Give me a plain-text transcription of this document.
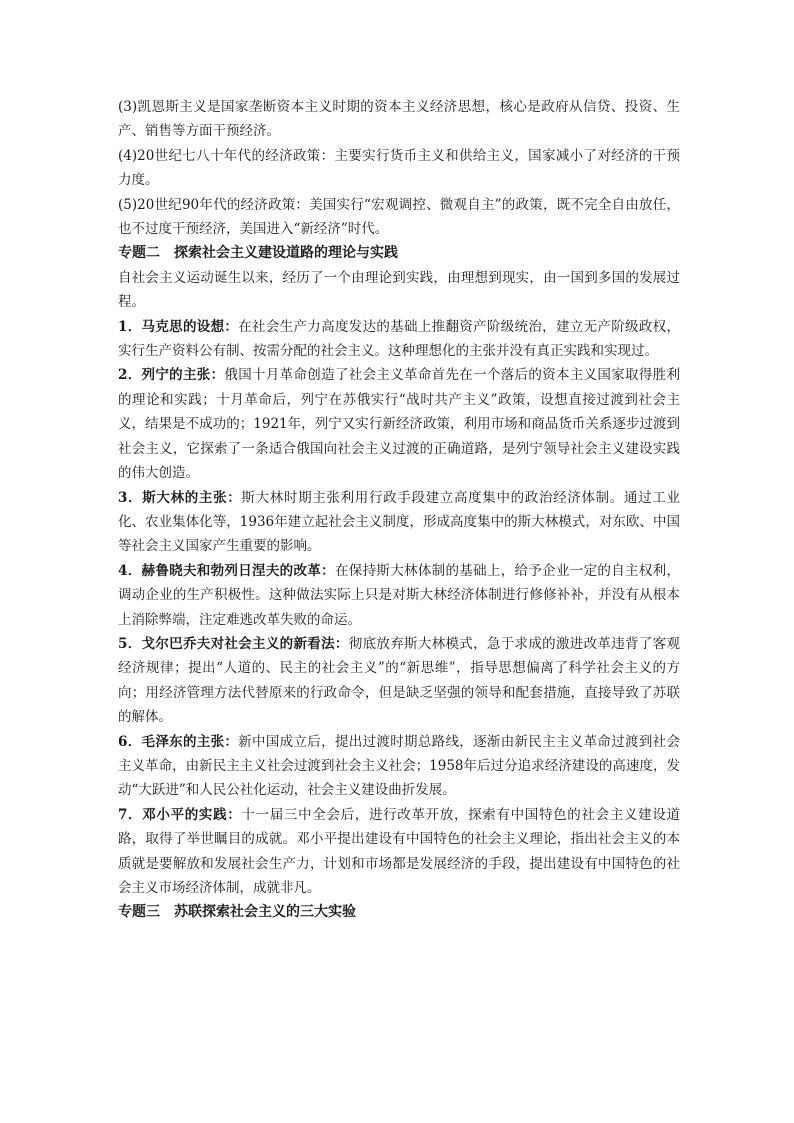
(3)凯恩斯主义是国家垄断资本主义时期的资本主义经济思想，核心是政府从信贷、投资、生产、销售等方面干预经济。

(4)20世纪七八十年代的经济政策：主要实行货币主义和供给主义，国家减小了对经济的干预力度。

(5)20世纪90年代的经济政策：美国实行“宏观调控、微观自主”的政策，既不完全自由放任，也不过度干预经济，美国进入“新经济”时代。

专题二　探索社会主义建设道路的理论与实践

自社会主义运动诞生以来，经历了一个由理论到实践，由理想到现实，由一国到多国的发展过程。

1．马克思的设想：在社会生产力高度发达的基础上推翻资产阶级统治，建立无产阶级政权，实行生产资料公有制、按需分配的社会主义。这种理想化的主张并没有真正实践和实现过。

2．列宁的主张：俄国十月革命创造了社会主义革命首先在一个落后的资本主义国家取得胜利的理论和实践；十月革命后，列宁在苏俄实行“战时共产主义”政策，设想直接过渡到社会主义，结果是不成功的；1921年，列宁又实行新经济政策，利用市场和商品货币关系逐步过渡到社会主义，它探索了一条适合俄国向社会主义过渡的正确道路，是列宁领导社会主义建设实践的伟大创造。

3．斯大林的主张：斯大林时期主张利用行政手段建立高度集中的政治经济体制。通过工业化、农业集体化等，1936年建立起社会主义制度，形成高度集中的斯大林模式，对东欧、中国等社会主义国家产生重要的影响。

4．赫鲁晓夫和勃列日涅夫的改革：在保持斯大林体制的基础上，给予企业一定的自主权利，调动企业的生产积极性。这种做法实际上只是对斯大林经济体制进行修修补补，并没有从根本上消除弊端，注定难逃改革失败的命运。

5．戈尔巴乔夫对社会主义的新看法：彻底放弃斯大林模式，急于求成的激进改革违背了客观经济规律；提出“人道的、民主的社会主义”的“新思维”，指导思想偏离了科学社会主义的方向；用经济管理方法代替原来的行政命令，但是缺乏坚强的领导和配套措施，直接导致了苏联的解体。

6．毛泽东的主张：新中国成立后，提出过渡时期总路线，逐渐由新民主主义革命过渡到社会主义革命，由新民主主义社会过渡到社会主义社会；1958年后过分追求经济建设的高速度，发动“大跃进”和人民公社化运动，社会主义建设曲折发展。

7．邓小平的实践：十一届三中全会后，进行改革开放，探索有中国特色的社会主义建设道路，取得了举世瞩目的成就。邓小平提出建设有中国特色的社会主义理论，指出社会主义的本质就是要解放和发展社会生产力，计划和市场都是发展经济的手段，提出建设有中国特色的社会主义市场经济体制，成就非凡。

专题三　苏联探索社会主义的三大实验
